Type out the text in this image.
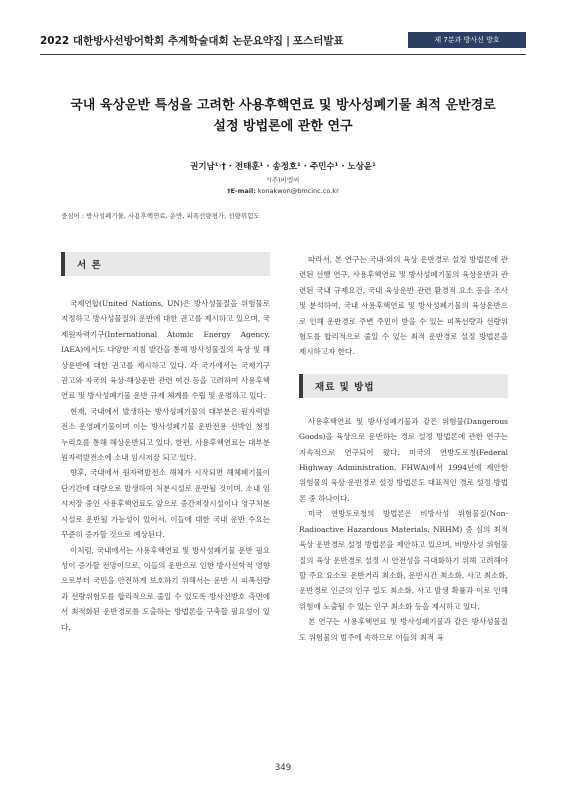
2022 대한방사선방어학회 추계학술대회 논문요약집 | 포스터발표	제 7분과 방사선 방호
국내 육상운반 특성을 고려한 사용후핵연료 및 방사성폐기물 최적 운반경로
설정 방법론에 관한 연구
권기남¹˒† · 전태훈¹ · 송정호¹ · 주민수¹ · 노상윤¹
¹(주)비엠씨
†E-mail: konakwon@bmcinc.co.kr
중심어 : 방사성폐기물, 사용후핵연료, 운반, 피폭선량평가, 선량위험도
서 론

국제연합(United Nations, UN)은 방사성물질을 위험물로 지정하고 방사성물질의 운반에 대한 권고를 제시하고 있으며, 국제원자력기구(International Atomic Energy Agency, IAEA)에서도 다양한 지침 발간을 통해 방사성물질의 육상 및 해상운반에 대한 권고를 제시하고 있다. 각 국가에서는 국제기구 권고와 자국의 육상·해상운반 관련 여건 등을 고려하여 사용후핵연료 및 방사성폐기물 운반 규제 체계를 수립 및 운영하고 있다.

현재, 국내에서 발생하는 방사성폐기물의 대부분은 원자력발전소 운영폐기물이며 이는 방사성폐기물 운반전용 선박인 청정누리호를 통해 해상운반되고 있다. 한편, 사용후핵연료는 대부분 원자력발전소에 소내 임시저장 되고 있다.

향후, 국내에서 원자력발전소 해체가 시작되면 해체폐기물이 단기간에 대량으로 발생하여 처분시설로 운반될 것이며, 소내 임시저장 중인 사용후핵연료도 앞으로 중간저장시설이나 영구처분시설로 운반될 가능성이 있어서, 이들에 대한 국내 운반 수요는 꾸준히 증가할 것으로 예상된다.

이처럼, 국내에서는 사용후핵연료 및 방사성폐기물 운반 필요성이 증가할 전망이므로, 이들의 운반으로 인한 방사선학적 영향으로부터 국민을 안전하게 보호하기 위해서는 운반 시 피폭선량과 선량위험도를 합리적으로 줄일 수 있도록 방사선방호 측면에서 최적화된 운반경로를 도출하는 방법론을 구축할 필요성이 있다.

따라서, 본 연구는 국내·외의 육상 운반경로 설정 방법론에 관련된 선행 연구, 사용후핵연료 및 방사성폐기물의 육상운반과 관련된 국내 규제요건, 국내 육상운반 관련 환경적 요소 등을 조사 및 분석하여, 국내 사용후핵연료 및 방사성폐기물의 육상운반으로 인해 운반경로 주변 주민이 받을 수 있는 피폭선량과 선량위험도를 합리적으로 줄일 수 있는 최적 운반경로 설정 방법론을 제시하고자 한다.

재료 및 방법

사용후핵연료 및 방사성폐기물과 같은 위험물(Dangerous Goods)을 육상으로 운반하는 경로 설정 방법론에 관한 연구는 지속적으로 연구되어 왔다. 미국의 연방도로청(Federal Highway Administration, FHWA)에서 1994년에 제안한 위험물의 육상 운반경로 설정 방법론도 대표적인 경로 설정 방법론 중 하나이다.

미국 연방도로청의 방법론은 비방사성 위험물질(Non-Radioactive Hazardous Materials, NRHM) 중 심의 최적 육상 운반경로 설정 방법론을 제안하고 있으며, 비방사성 위험물질의 육상 운반경로 설정 시 안전성을 극대화하기 위해 고려해야 할 주요 요소로 운반거리 최소화, 운반시간 최소화, 사고 최소화, 운반경로 인근의 인구 밀도 최소화, 사고 발생 확률과 이로 인해 위험에 노출될 수 있는 인구 최소화 등을 제시하고 있다.

본 연구는 사용후핵연료 및 방사성폐기물과 같은 방사성물질도 위험물의 범주에 속하므로 이들의 최적 육

349
